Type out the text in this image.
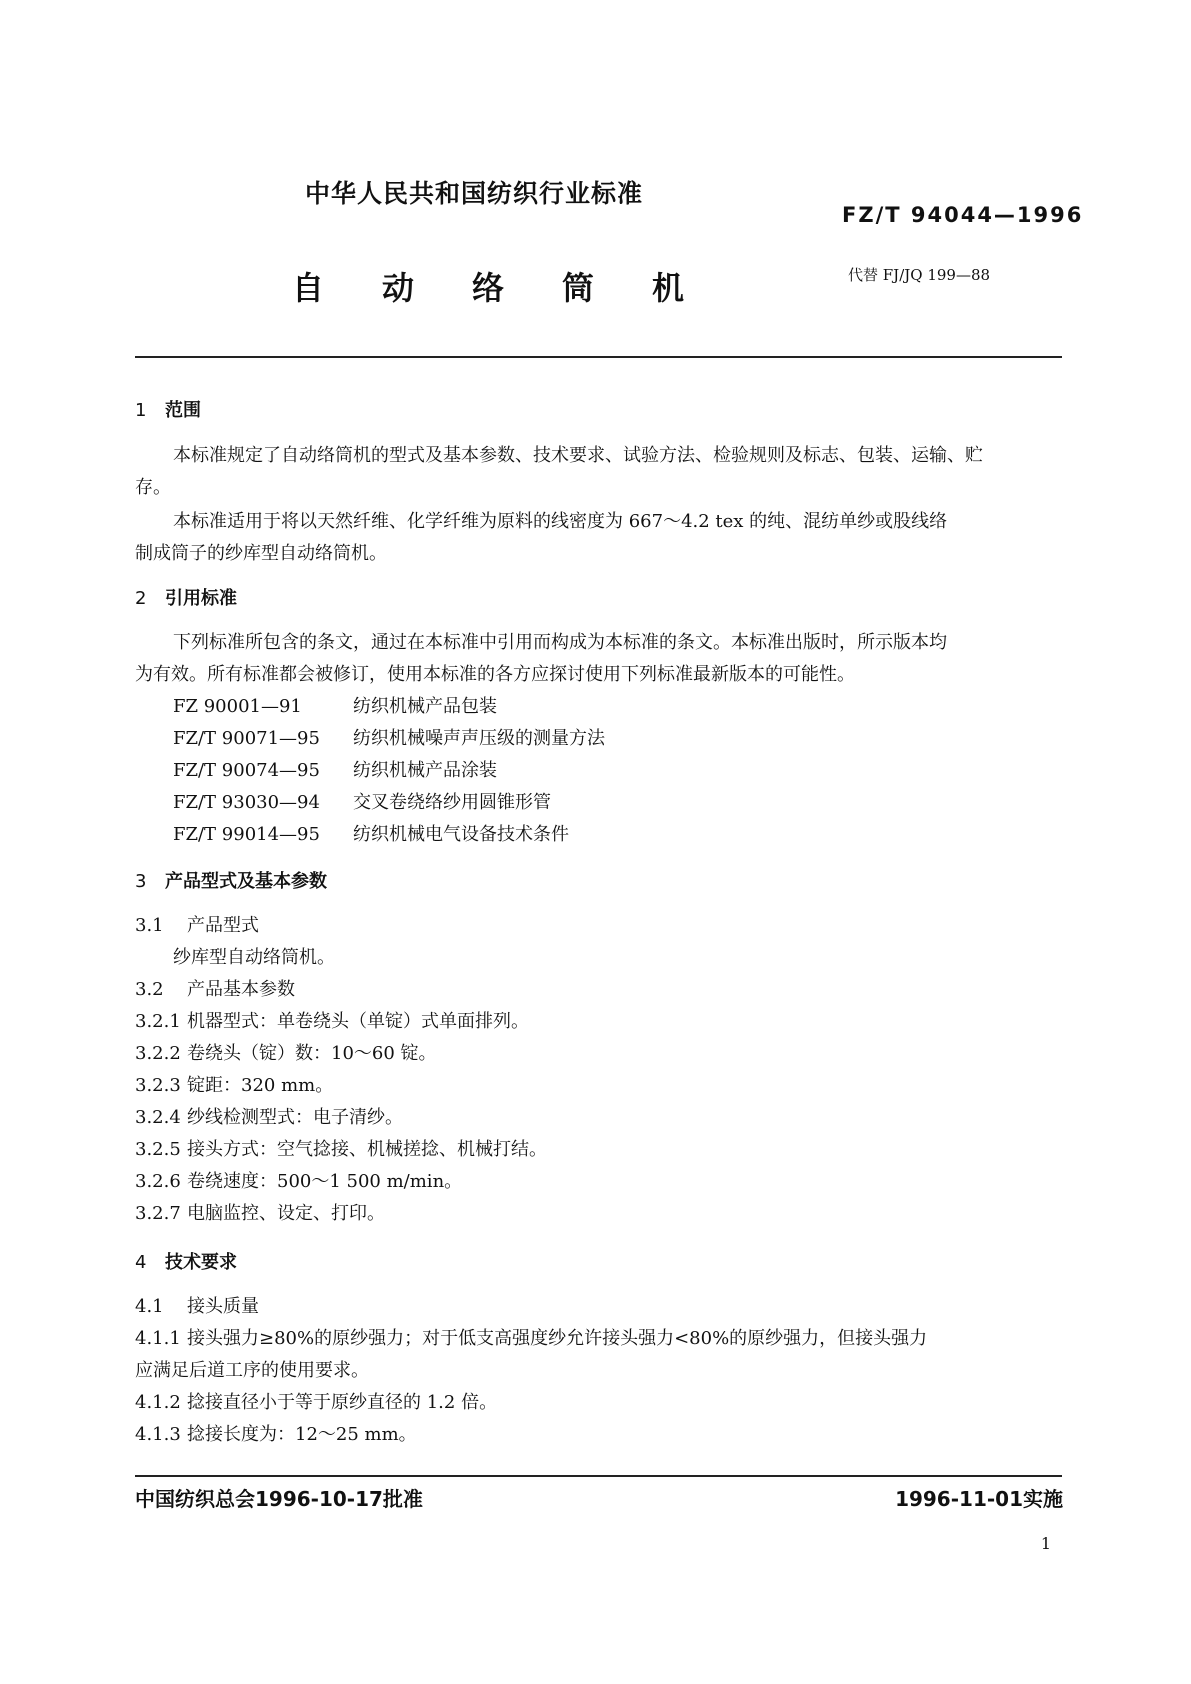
中华人民共和国纺织行业标准
FZ/T 94044—1996
自动络筒机	代替 FJ/JQ 199—88
1 范围
本标准规定了自动络筒机的型式及基本参数、技术要求、试验方法、检验规则及标志、包装、运输、贮
存。
本标准适用于将以天然纤维、化学纤维为原料的线密度为 667～4.2 tex 的纯、混纺单纱或股线络
制成筒子的纱库型自动络筒机。
2 引用标准
下列标准所包含的条文，通过在本标准中引用而构成为本标准的条文。本标准出版时，所示版本均
为有效。所有标准都会被修订，使用本标准的各方应探讨使用下列标准最新版本的可能性。
FZ 90001—91	纺织机械产品包装
FZ/T 90071—95 纺织机械噪声声压级的测量方法
FZ/T 90074—95 纺织机械产品涂装
FZ/T 93030—94 交叉卷绕络纱用圆锥形管
FZ/T 99014—95 纺织机械电气设备技术条件
3 产品型式及基本参数
3.1 产品型式
纱库型自动络筒机。
3.2 产品基本参数
3.2.1 机器型式：单卷绕头（单锭）式单面排列。
3.2.2 卷绕头（锭）数：10～60 锭。
3.2.3 锭距：320 mm。
3.2.4 纱线检测型式：电子清纱。
3.2.5 接头方式：空气捻接、机械搓捻、机械打结。
3.2.6 卷绕速度：500～1 500 m/min。
3.2.7 电脑监控、设定、打印。
4 技术要求
4.1 接头质量
4.1.1 接头强力≥80%的原纱强力；对于低支高强度纱允许接头强力<80%的原纱强力，但接头强力
应满足后道工序的使用要求。
4.1.2 捻接直径小于等于原纱直径的 1.2 倍。
4.1.3 捻接长度为：12～25 mm。
中国纺织总会1996-10-17批准	1996-11-01实施
1
